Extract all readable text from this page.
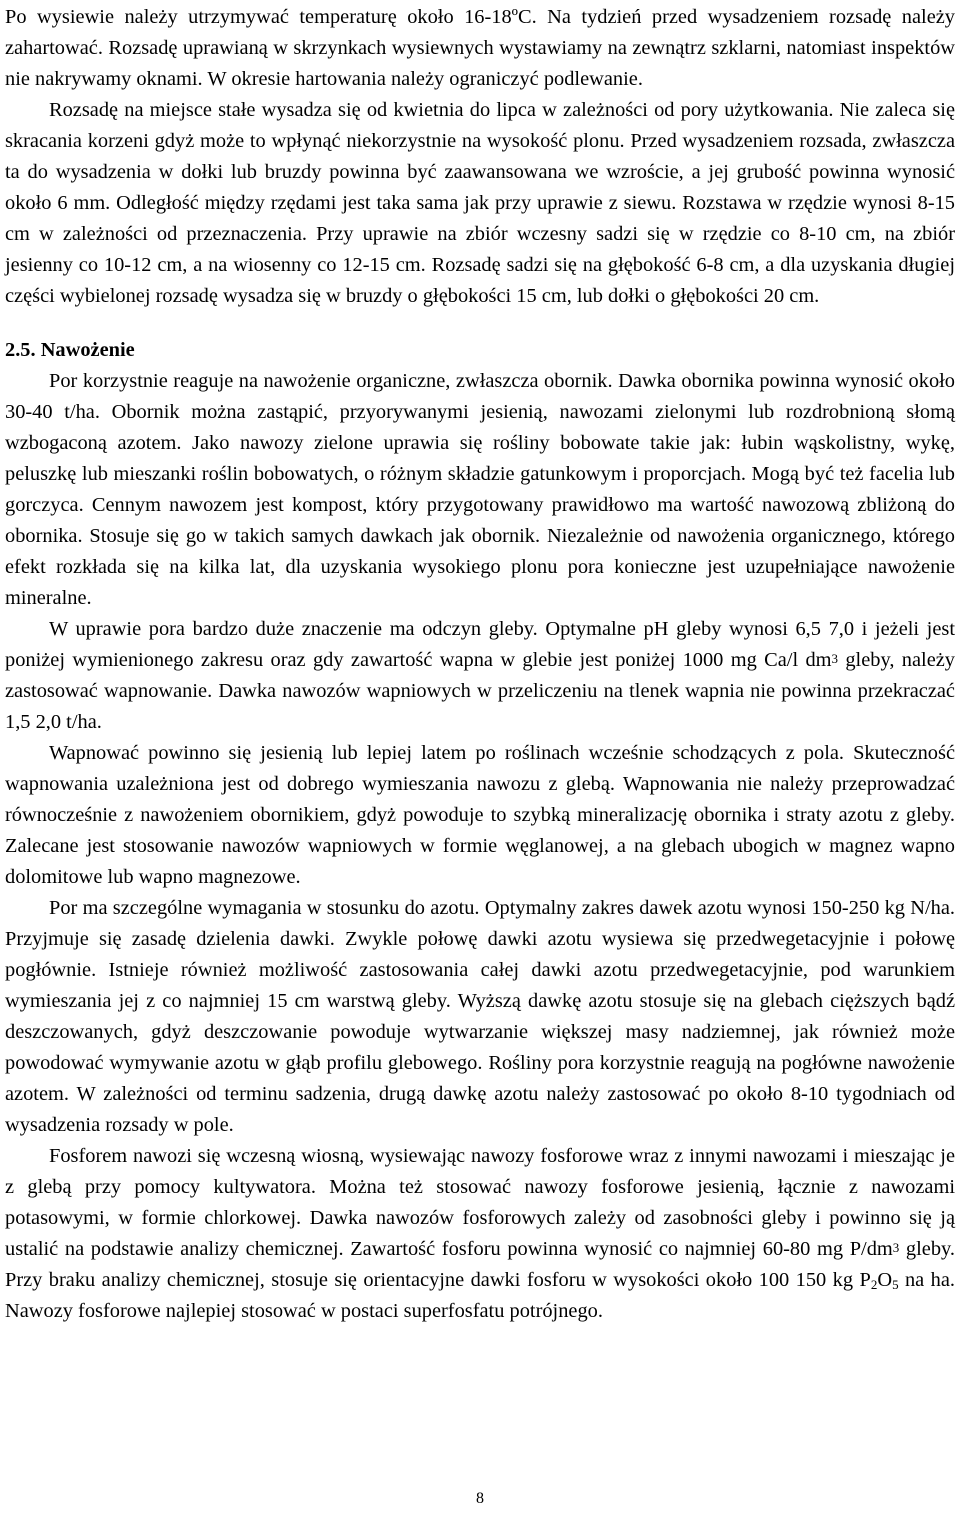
Po wysiewie należy utrzymywać temperaturę około 16-18ºC. Na tydzień przed wysadzeniem rozsadę należy zahartować. Rozsadę uprawianą w skrzynkach wysiewnych wystawiamy na zewnątrz szklarni, natomiast inspektów nie nakrywamy oknami. W okresie hartowania należy ograniczyć podlewanie.

Rozsadę na miejsce stałe wysadza się od kwietnia do lipca w zależności od pory użytkowania. Nie zaleca się skracania korzeni gdyż może to wpłynąć niekorzystnie na wysokość plonu. Przed wysadzeniem rozsada, zwłaszcza ta do wysadzenia w dołki lub bruzdy powinna być zaawansowana we wzroście, a jej grubość powinna wynosić około 6 mm. Odległość między rzędami jest taka sama jak przy uprawie z siewu. Rozstawa w rzędzie wynosi 8-15 cm w zależności od przeznaczenia. Przy uprawie na zbiór wczesny sadzi się w rzędzie co 8-10 cm, na zbiór jesienny co 10-12 cm, a na wiosenny co 12-15 cm. Rozsadę sadzi się na głębokość 6-8 cm, a dla uzyskania długiej części wybielonej rozsadę wysadza się w bruzdy o głębokości 15 cm, lub dołki o głębokości 20 cm.

2.5. Nawożenie

Por korzystnie reaguje na nawożenie organiczne, zwłaszcza obornik. Dawka obornika powinna wynosić około 30-40 t/ha. Obornik można zastąpić, przyorywanymi jesienią, nawozami zielonymi lub rozdrobnioną słomą wzbogaconą azotem. Jako nawozy zielone uprawia się rośliny bobowate takie jak: łubin wąskolistny, wykę, peluszkę lub mieszanki roślin bobowatych, o różnym składzie gatunkowym i proporcjach. Mogą być też facelia lub gorczyca. Cennym nawozem jest kompost, który przygotowany prawidłowo ma wartość nawozową zbliżoną do obornika. Stosuje się go w takich samych dawkach jak obornik. Niezależnie od nawożenia organicznego, którego efekt rozkłada się na kilka lat, dla uzyskania wysokiego plonu pora konieczne jest uzupełniające nawożenie mineralne.

W uprawie pora bardzo duże znaczenie ma odczyn gleby. Optymalne pH gleby wynosi 6,5 7,0 i jeżeli jest poniżej wymienionego zakresu oraz gdy zawartość wapna w glebie jest poniżej 1000 mg Ca/l $dm^3$ gleby, należy zastosować wapnowanie. Dawka nawozów wapniowych w przeliczeniu na tlenek wapnia nie powinna przekraczać 1,5 2,0 t/ha.

Wapnować powinno się jesienią lub lepiej latem po roślinach wcześnie schodzących z pola. Skuteczność wapnowania uzależniona jest od dobrego wymieszania nawozu z glebą. Wapnowania nie należy przeprowadzać równocześnie z nawożeniem obornikiem, gdyż powoduje to szybką mineralizację obornika i straty azotu z gleby. Zalecane jest stosowanie nawozów wapniowych w formie węglanowej, a na glebach ubogich w magnez wapno dolomitowe lub wapno magnezowe.

Por ma szczególne wymagania w stosunku do azotu. Optymalny zakres dawek azotu wynosi 150-250 kg N/ha. Przyjmuje się zasadę dzielenia dawki. Zwykle połowę dawki azotu wysiewa się przedwegetacyjnie i połowę pogłównie. Istnieje również możliwość zastosowania całej dawki azotu przedwegetacyjnie, pod warunkiem wymieszania jej z co najmniej 15 cm warstwą gleby. Wyższą dawkę azotu stosuje się na glebach cięższych bądź deszczowanych, gdyż deszczowanie powoduje wytwarzanie większej masy nadziemnej, jak również może powodować wymywanie azotu w głąb profilu glebowego. Rośliny pora korzystnie reagują na pogłówne nawożenie azotem. W zależności od terminu sadzenia, drugą dawkę azotu należy zastosować po około 8-10 tygodniach od wysadzenia rozsady w pole.

Fosforem nawozi się wczesną wiosną, wysiewając nawozy fosforowe wraz z innymi nawozami i mieszając je z glebą przy pomocy kultywatora. Można też stosować nawozy fosforowe jesienią, łącznie z nawozami potasowymi, w formie chlorkowej. Dawka nawozów fosforowych zależy od zasobności gleby i powinno się ją ustalić na podstawie analizy chemicznej. Zawartość fosforu powinna wynosić co najmniej 60-80 mg $P/dm^3$ gleby. Przy braku analizy chemicznej, stosuje się orientacyjne dawki fosforu w wysokości około 100 150 kg $P_2O_5$ na ha. Nawozy fosforowe najlepiej stosować w postaci superfosfatu potrójnego.

8
